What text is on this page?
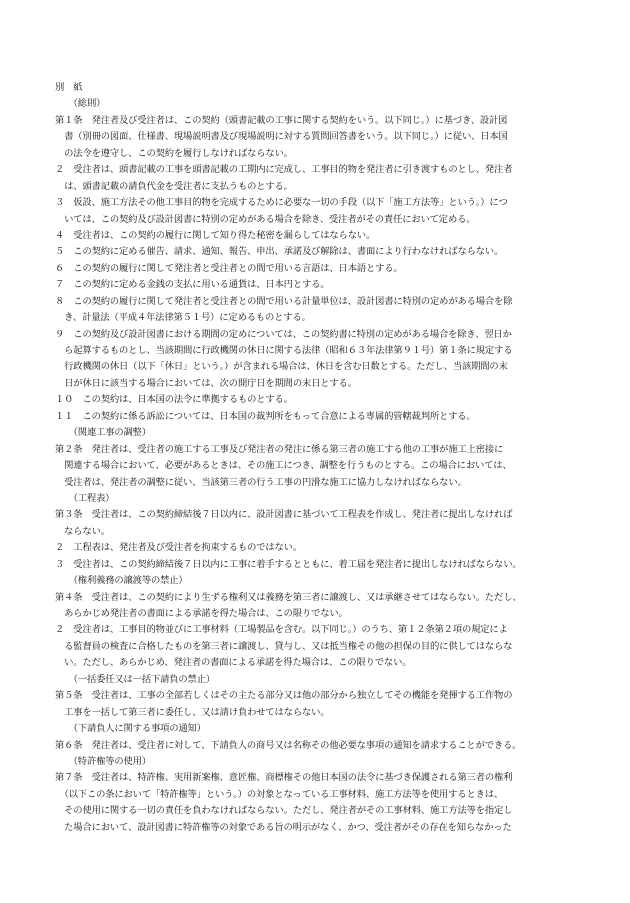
別　紙
　　（総則）
第１条　発注者及び受注者は、この契約（頭書記載の工事に関する契約をいう。以下同じ。）に基づき、設計図
　書（別冊の図面、仕様書、現場説明書及び現場説明に対する質問回答書をいう。以下同じ。）に従い、日本国
　の法令を遵守し、この契約を履行しなければならない。
２　受注者は、頭書記載の工事を頭書記載の工期内に完成し、工事目的物を発注者に引き渡すものとし、発注者
　は、頭書記載の請負代金を受注者に支払うものとする。
３　仮設、施工方法その他工事目的物を完成するために必要な一切の手段（以下「施工方法等」という。）につ
　いては、この契約及び設計図書に特別の定めがある場合を除き、受注者がその責任において定める。
４　受注者は、この契約の履行に関して知り得た秘密を漏らしてはならない。
５　この契約に定める催告、請求、通知、報告、申出、承諾及び解除は、書面により行わなければならない。
６　この契約の履行に関して発注者と受注者との間で用いる言語は、日本語とする。
７　この契約に定める金銭の支払に用いる通貨は、日本円とする。
８　この契約の履行に関して発注者と受注者との間で用いる計量単位は、設計図書に特別の定めがある場合を除
　き、計量法（平成４年法律第５１号）に定めるものとする。
９　この契約及び設計図書における期間の定めについては、この契約書に特別の定めがある場合を除き、翌日か
　ら起算するものとし、当該期間に行政機関の休日に関する法律（昭和６３年法律第９１号）第１条に規定する
　行政機関の休日（以下「休日」という。）が含まれる場合は、休日を含む日数とする。ただし、当該期間の末
　日が休日に該当する場合においては、次の開庁日を期間の末日とする。
１０　この契約は、日本国の法令に準拠するものとする。
１１　この契約に係る訴訟については、日本国の裁判所をもって合意による専属的管轄裁判所とする。
　　（関連工事の調整）
第２条　発注者は、受注者の施工する工事及び発注者の発注に係る第三者の施工する他の工事が施工上密接に
　関連する場合において、必要があるときは、その施工につき、調整を行うものとする。この場合においては、
　受注者は、発注者の調整に従い、当該第三者の行う工事の円滑な施工に協力しなければならない。
　　（工程表）
第３条　受注者は、この契約締結後７日以内に、設計図書に基づいて工程表を作成し、発注者に提出しなければ
　ならない。
２　工程表は、発注者及び受注者を拘束するものではない。
３　受注者は、この契約締結後７日以内に工事に着手するとともに、着工届を発注者に提出しなければならない。
　　（権利義務の譲渡等の禁止）
第４条　受注者は、この契約により生ずる権利又は義務を第三者に譲渡し、又は承継させてはならない。ただし、
　あらかじめ発注者の書面による承諾を得た場合は、この限りでない。
２　受注者は、工事目的物並びに工事材料（工場製品を含む。以下同じ。）のうち、第１２条第２項の規定によ
　る監督員の検査に合格したものを第三者に譲渡し、貸与し、又は抵当権その他の担保の目的に供してはならな
　い。ただし、あらかじめ、発注者の書面による承諾を得た場合は、この限りでない。
　　（一括委任又は一括下請負の禁止）
第５条　受注者は、工事の全部若しくはその主たる部分又は他の部分から独立してその機能を発揮する工作物の
　工事を一括して第三者に委任し、又は請け負わせてはならない。
　　（下請負人に関する事項の通知）
第６条　発注者は、受注者に対して、下請負人の商号又は名称その他必要な事項の通知を請求することができる。
　　（特許権等の使用）
第７条　受注者は、特許権、実用新案権、意匠権、商標権その他日本国の法令に基づき保護される第三者の権利
　（以下この条において「特許権等」という。）の対象となっている工事材料、施工方法等を使用するときは、
　その使用に関する一切の責任を負わなければならない。ただし、発注者がその工事材料、施工方法等を指定し
　た場合において、設計図書に特許権等の対象である旨の明示がなく、かつ、受注者がその存在を知らなかった
